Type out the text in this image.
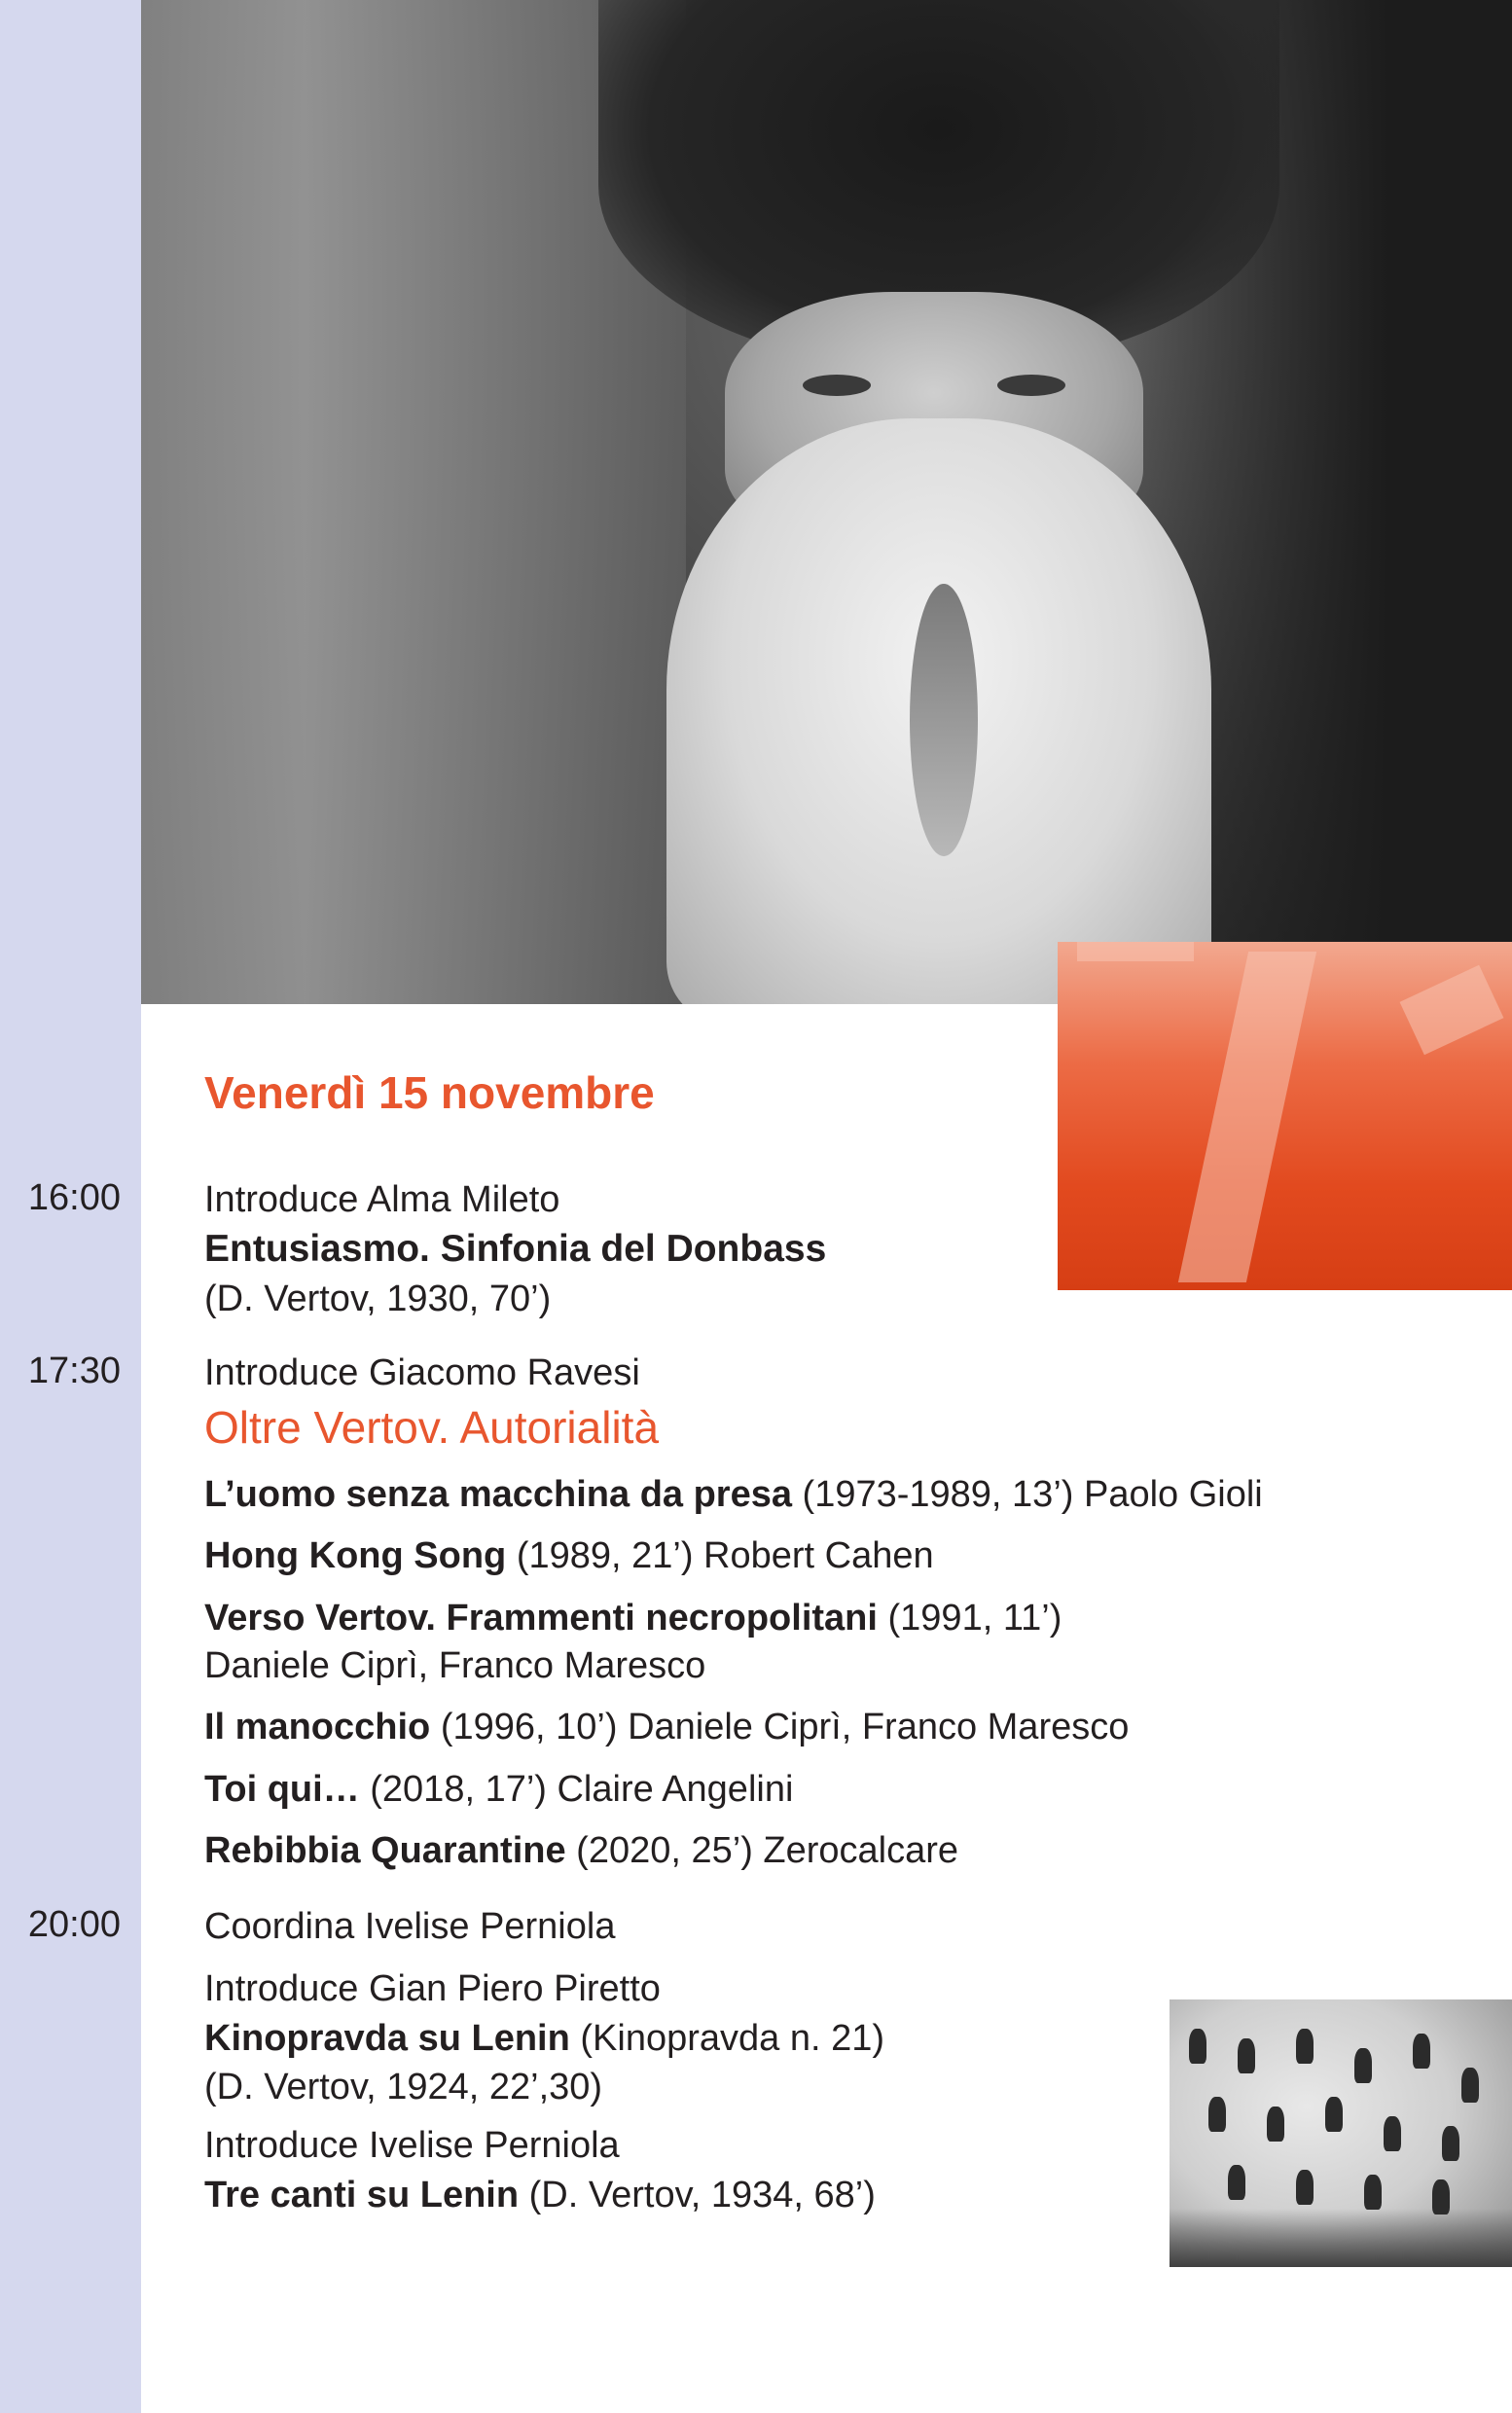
Venerdì 15 novembre
16:00 Introduce Alma Mileto

Entusiasmo. Sinfonia del Donbass

(D. Vertov, 1930, 70’)

17:30 Introduce Giacomo Ravesi

Oltre Vertov. Autorialità

L’uomo senza macchina da presa (1973-1989, 13’) Paolo Gioli

Hong Kong Song (1989, 21’) Robert Cahen

Verso Vertov. Frammenti necropolitani (1991, 11’)

Daniele Ciprì, Franco Maresco

Il manocchio (1996, 10’) Daniele Ciprì, Franco Maresco

Toi qui… (2018, 17’) Claire Angelini

Rebibbia Quarantine (2020, 25’) Zerocalcare

20:00 Coordina Ivelise Perniola

Introduce Gian Piero Piretto

Kinopravda su Lenin (Kinopravda n. 21)

(D. Vertov, 1924, 22’,30)

Introduce Ivelise Perniola

Tre canti su Lenin (D. Vertov, 1934, 68’)
